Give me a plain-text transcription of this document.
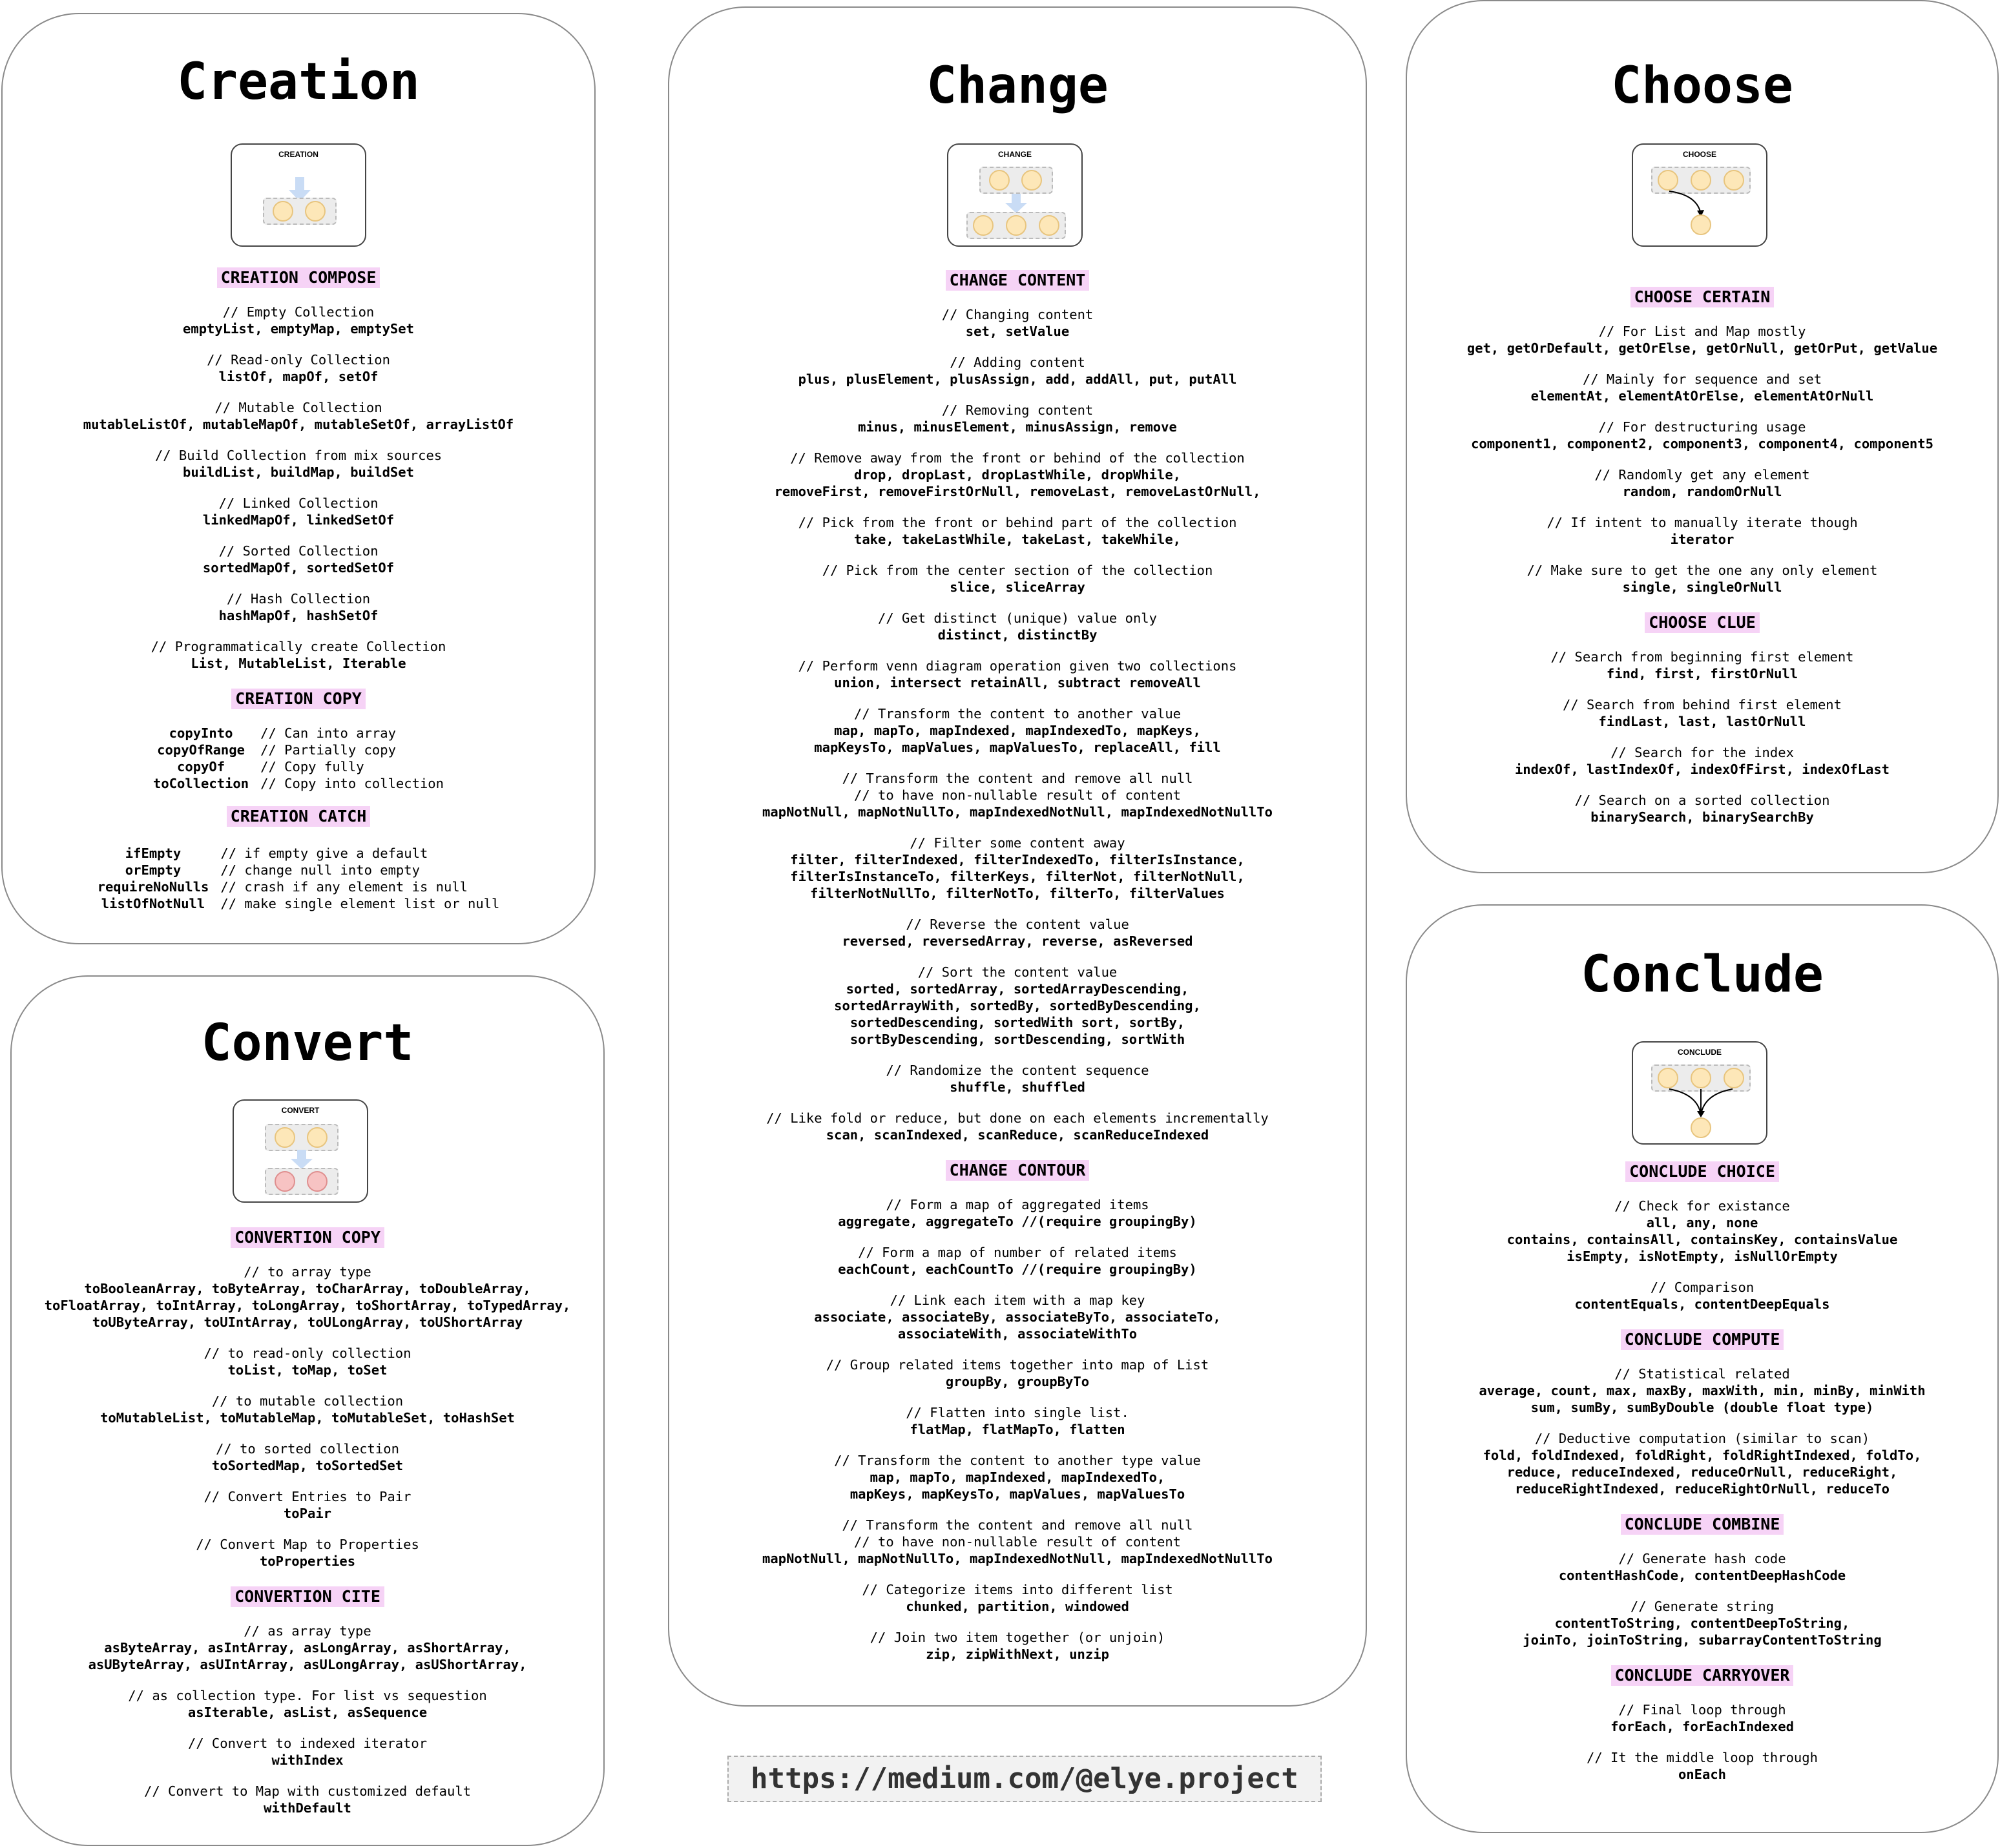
Creation
CREATION
CREATION COMPOSE
// Empty Collection
emptyList, emptyMap, emptySet
// Read-only Collection
listOf, mapOf, setOf
// Mutable Collection
mutableListOf, mutableMapOf, mutableSetOf, arrayListOf
// Build Collection from mix sources
buildList, buildMap, buildSet
// Linked Collection
linkedMapOf, linkedSetOf
// Sorted Collection
sortedMapOf, sortedSetOf
// Hash Collection
hashMapOf, hashSetOf
// Programmatically create Collection
List, MutableList, Iterable
CREATION COPY
copyInto	// Can into array
copyOfRange	// Partially copy
copyOf	// Copy fully
toCollection	// Copy into collection
CREATION CATCH
ifEmpty	// if empty give a default
orEmpty	// change null into empty
requireNoNulls	// crash if any element is null
listOfNotNull	// make single element list or null
Convert
CONVERT
CONVERTION COPY
// to array type
toBooleanArray, toByteArray, toCharArray, toDoubleArray,
toFloatArray, toIntArray, toLongArray, toShortArray, toTypedArray,
toUByteArray, toUIntArray, toULongArray, toUShortArray
// to read-only collection
toList, toMap, toSet
// to mutable collection
toMutableList, toMutableMap, toMutableSet, toHashSet
// to sorted collection
toSortedMap, toSortedSet
// Convert Entries to Pair
toPair
// Convert Map to Properties
toProperties
CONVERTION CITE
// as array type
asByteArray, asIntArray, asLongArray, asShortArray,
asUByteArray, asUIntArray, asULongArray, asUShortArray,
// as collection type. For list vs sequestion
asIterable, asList, asSequence
// Convert to indexed iterator
withIndex
// Convert to Map with customized default
withDefault
Change
CHANGE
CHANGE CONTENT
// Changing content
set, setValue
// Adding content
plus, plusElement, plusAssign, add, addAll, put, putAll
// Removing content
minus, minusElement, minusAssign, remove
// Remove away from the front or behind of the collection
drop, dropLast, dropLastWhile, dropWhile,
removeFirst, removeFirstOrNull, removeLast, removeLastOrNull,
// Pick from the front or behind part of the collection
take, takeLastWhile, takeLast, takeWhile,
// Pick from the center section of the collection
slice, sliceArray
// Get distinct (unique) value only
distinct, distinctBy
// Perform venn diagram operation given two collections
union, intersect retainAll, subtract removeAll
// Transform the content to another value
map, mapTo, mapIndexed, mapIndexedTo, mapKeys,
mapKeysTo, mapValues, mapValuesTo, replaceAll, fill
// Transform the content and remove all null
// to have non-nullable result of content
mapNotNull, mapNotNullTo, mapIndexedNotNull, mapIndexedNotNullTo
// Filter some content away
filter, filterIndexed, filterIndexedTo, filterIsInstance,
filterIsInstanceTo, filterKeys, filterNot, filterNotNull,
filterNotNullTo, filterNotTo, filterTo, filterValues
// Reverse the content value
reversed, reversedArray, reverse, asReversed
// Sort the content value
sorted, sortedArray, sortedArrayDescending,
sortedArrayWith, sortedBy, sortedByDescending,
sortedDescending, sortedWith sort, sortBy,
sortByDescending, sortDescending, sortWith
// Randomize the content sequence
shuffle, shuffled
// Like fold or reduce, but done on each elements incrementally
scan, scanIndexed, scanReduce, scanReduceIndexed
CHANGE CONTOUR
// Form a map of aggregated items
aggregate, aggregateTo //(require groupingBy)
// Form a map of number of related items
eachCount, eachCountTo //(require groupingBy)
// Link each item with a map key
associate, associateBy, associateByTo, associateTo,
associateWith, associateWithTo
// Group related items together into map of List
groupBy, groupByTo
// Flatten into single list.
flatMap, flatMapTo, flatten
// Transform the content to another type value
map, mapTo, mapIndexed, mapIndexedTo,
mapKeys, mapKeysTo, mapValues, mapValuesTo
// Transform the content and remove all null
// to have non-nullable result of content
mapNotNull, mapNotNullTo, mapIndexedNotNull, mapIndexedNotNullTo
// Categorize items into different list
chunked, partition, windowed
// Join two item together (or unjoin)
zip, zipWithNext, unzip
Choose
CHOOSE
CHOOSE CERTAIN
// For List and Map mostly
get, getOrDefault, getOrElse, getOrNull, getOrPut, getValue
// Mainly for sequence and set
elementAt, elementAtOrElse, elementAtOrNull
// For destructuring usage
component1, component2, component3, component4, component5
// Randomly get any element
random, randomOrNull
// If intent to manually iterate though
iterator
// Make sure to get the one any only element
single, singleOrNull
CHOOSE CLUE
// Search from beginning first element
find, first, firstOrNull
// Search from behind first element
findLast, last, lastOrNull
// Search for the index
indexOf, lastIndexOf, indexOfFirst, indexOfLast
// Search on a sorted collection
binarySearch, binarySearchBy
Conclude
CONCLUDE
CONCLUDE CHOICE
// Check for existance
all, any, none
contains, containsAll, containsKey, containsValue
isEmpty, isNotEmpty, isNullOrEmpty
// Comparison
contentEquals, contentDeepEquals
CONCLUDE COMPUTE
// Statistical related
average, count, max, maxBy, maxWith, min, minBy, minWith
sum, sumBy, sumByDouble (double float type)
// Deductive computation (similar to scan)
fold, foldIndexed, foldRight, foldRightIndexed, foldTo,
reduce, reduceIndexed, reduceOrNull, reduceRight,
reduceRightIndexed, reduceRightOrNull, reduceTo
CONCLUDE COMBINE
// Generate hash code
contentHashCode, contentDeepHashCode
// Generate string
contentToString, contentDeepToString,
joinTo, joinToString, subarrayContentToString
CONCLUDE CARRYOVER
// Final loop through
forEach, forEachIndexed
// It the middle loop through
onEach
https://medium.com/@elye.project
